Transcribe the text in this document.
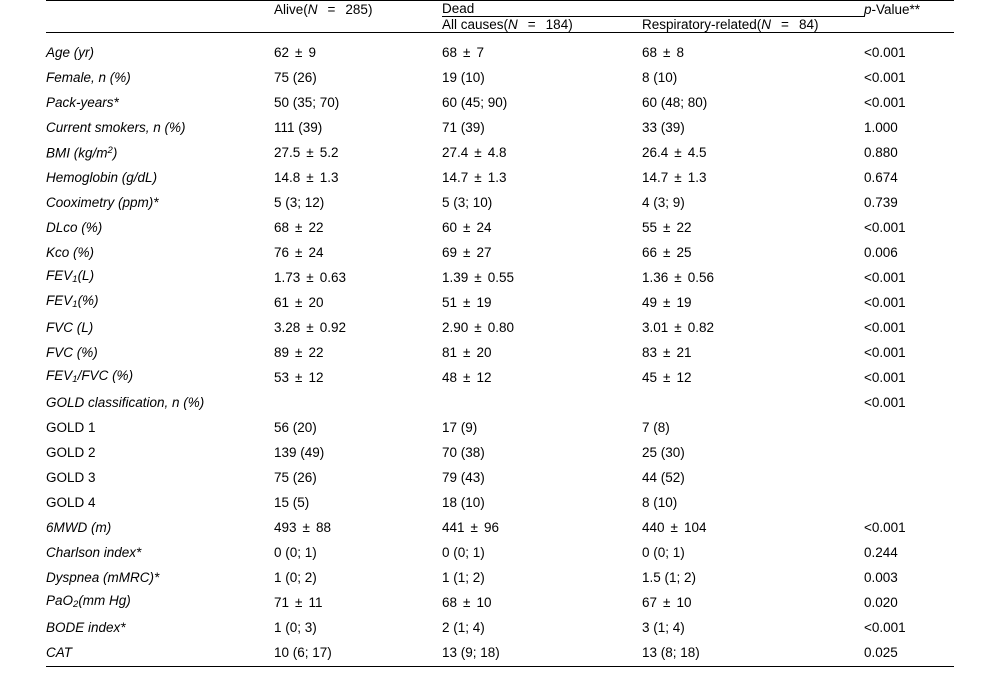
	Alive(N = 285)	Dead		p-Value**
		All causes(N = 184)	Respiratory-related(N = 84)	

Age (yr)	62 ± 9	68 ± 7	68 ± 8	<0.001
Female, n (%)	75 (26)	19 (10)	8 (10)	<0.001
Pack-years*	50 (35; 70)	60 (45; 90)	60 (48; 80)	<0.001
Current smokers, n (%)	111 (39)	71 (39)	33 (39)	1.000
BMI $(kg/m^2)$	27.5 ± 5.2	27.4 ± 4.8	26.4 ± 4.5	0.880
Hemoglobin (g/dL)	14.8 ± 1.3	14.7 ± 1.3	14.7 ± 1.3	0.674
Cooximetry (ppm)*	5 (3; 12)	5 (3; 10)	4 (3; 9)	0.739
DLco (%)	68 ± 22	60 ± 24	55 ± 22	<0.001
Kco (%)	76 ± 24	69 ± 27	66 ± 25	0.006
$FEV_1(L)$	1.73 ± 0.63	1.39 ± 0.55	1.36 ± 0.56	<0.001
$FEV_1(\%)$	61 ± 20	51 ± 19	49 ± 19	<0.001
FVC (L)	3.28 ± 0.92	2.90 ± 0.80	3.01 ± 0.82	<0.001
FVC (%)	89 ± 22	81 ± 20	83 ± 21	<0.001
$FEV_1$/FVC (%)	53 ± 12	48 ± 12	45 ± 12	<0.001
GOLD classification, n (%)				<0.001
GOLD 1	56 (20)	17 (9)	7 (8)	
GOLD 2	139 (49)	70 (38)	25 (30)	
GOLD 3	75 (26)	79 (43)	44 (52)	
GOLD 4	15 (5)	18 (10)	8 (10)	
6MWD (m)	493 ± 88	441 ± 96	440 ± 104	<0.001
Charlson index*	0 (0; 1)	0 (0; 1)	0 (0; 1)	0.244
Dyspnea (mMRC)*	1 (0; 2)	1 (1; 2)	1.5 (1; 2)	0.003
PaO$_2$(mm Hg)	71 ± 11	68 ± 10	67 ± 10	0.020
BODE index*	1 (0; 3)	2 (1; 4)	3 (1; 4)	<0.001
CAT	10 (6; 17)	13 (9; 18)	13 (8; 18)	0.025
